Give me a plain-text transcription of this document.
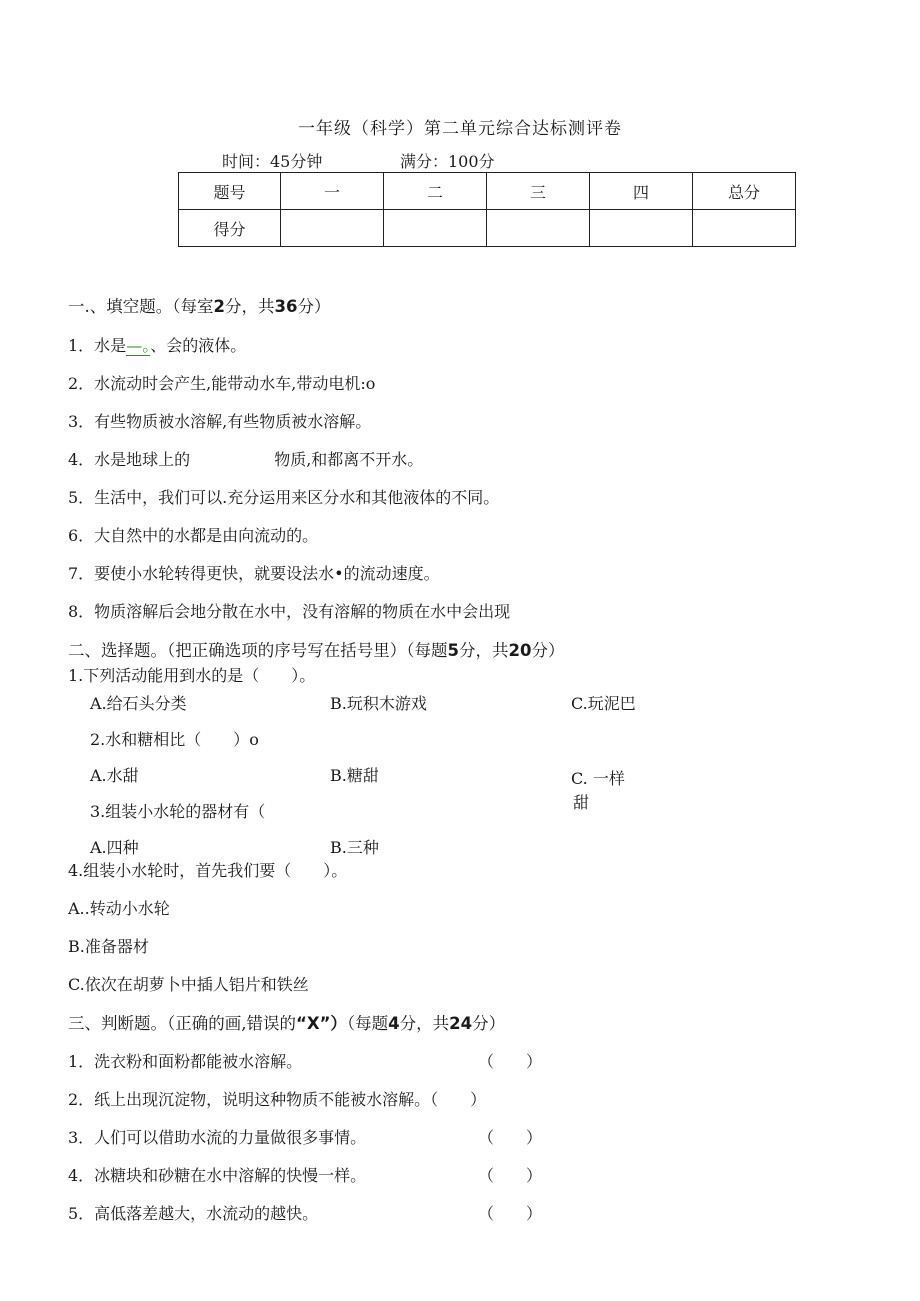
一年级（科学）第二单元综合达标测评卷
时间：45分钟	满分：100分
题号	一	二	三	四	总分
得分					
一.、填空题。（每室2分，共36分）
1．水是—。、会的液体。
2．水流动时会产生,能带动水车,带动电机:o
3．有些物质被水溶解,有些物质被水溶解。
4．水是地球上的	物质,和都离不开水。
5．生活中，我们可以.充分运用来区分水和其他液体的不同。
6．大自然中的水都是由向流动的。
7．要使小水轮转得更快，就要设法水•的流动速度。
8．物质溶解后会地分散在水中，没有溶解的物质在水中会出现
二、选择题。（把正确选项的序号写在括号里）（每题5分，共20分）
1.下列活动能用到水的是（　　）。
A.给石头分类	B.玩积木游戏	C.玩泥巴
2.水和糖相比（　　）o
A.水甜	B.糖甜	C. 一样
甜
3.组装小水轮的器材有（
A.四种	B.三种
4.组装小水轮时，首先我们要（　　）。
A..转动小水轮
B.准备器材
C.依次在胡萝卜中插人铝片和铁丝
三、判断题。（正确的画,错误的“X”）（每题4分，共24分）
1．洗衣粉和面粉都能被水溶解。	（　　）
2．纸上出现沉淀物，说明这种物质不能被水溶解。（　　）
3．人们可以借助水流的力量做很多事情。	（　　）
4．冰糖块和砂糖在水中溶解的快慢一样。	（　　）
5．高低落差越大，水流动的越快。	（　　）
